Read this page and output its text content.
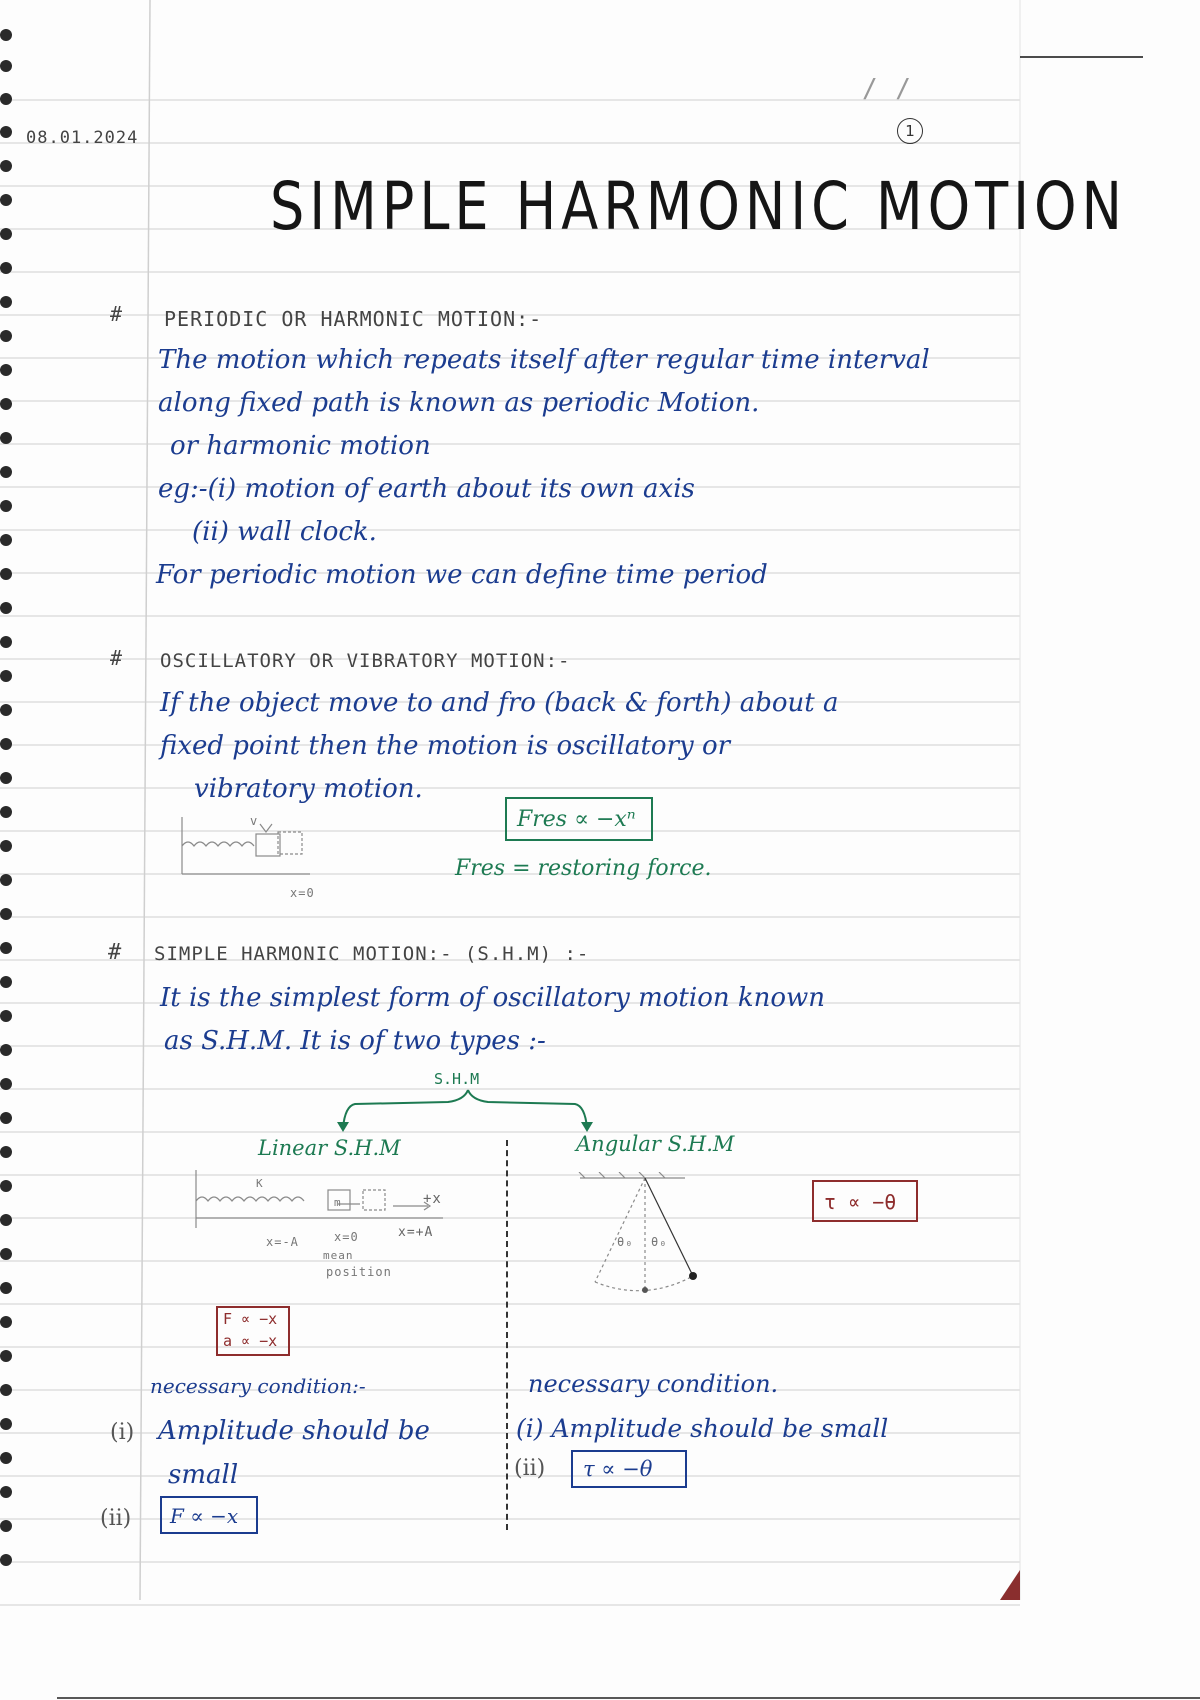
08.01.2024
/ /
1
SIMPLE HARMONIC MOTION
# PERIODIC OR HARMONIC MOTION:-
The motion which repeats itself after regular time interval
along fixed path is known as periodic Motion.
or harmonic motion
eg:-(i) motion of earth about its own axis
(ii) wall clock.
For periodic motion we can define time period
# OSCILLATORY OR VIBRATORY MOTION:-
If the object move to and fro (back & forth) about a
fixed point then the motion is oscillatory or
vibratory motion.
v
x=0
Fres ∝ −xⁿ
Fres = restoring force.
# SIMPLE HARMONIC MOTION:- (S.H.M) :-
It is the simplest form of oscillatory motion known
as S.H.M. It is of two types :-
S.H.M
Linear S.H.M
K
m	+x
x=-A	x=0	x=+A
mean
position
F ∝ −x
a ∝ −x
necessary condition:-
(i) Amplitude should be
small
(ii) F ∝ −x
Angular S.H.M
θ₀ θ₀
τ ∝ −θ
necessary condition.
(i) Amplitude should be small
(ii) τ ∝ −θ
